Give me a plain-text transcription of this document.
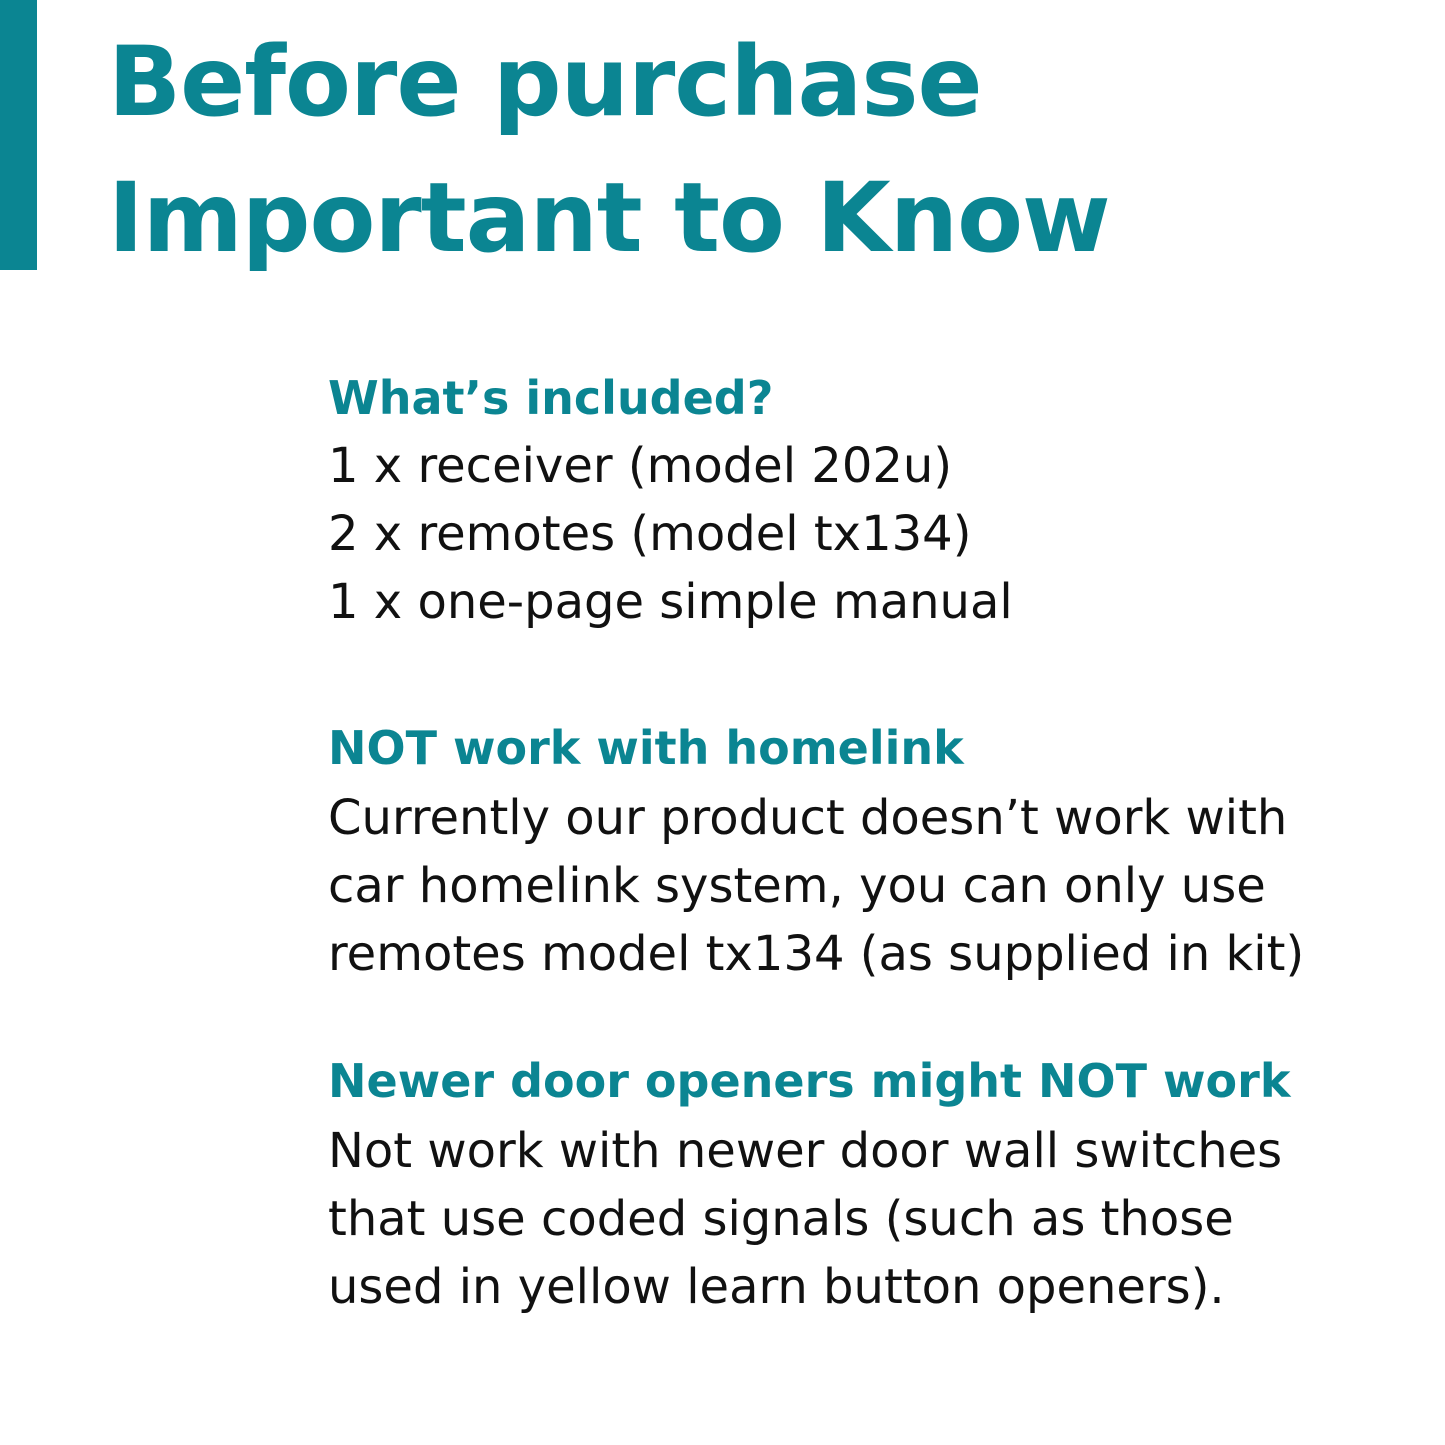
Before purchase
Important to Know
What’s included?

1 x receiver (model 202u)

2 x remotes (model tx134)

1 x one-page simple manual

NOT work with homelink

Currently our product doesn’t work with

car homelink system, you can only use

remotes model tx134 (as supplied in kit)

Newer door openers might NOT work

Not work with newer door wall switches

that use coded signals (such as those

used in yellow learn button openers).
